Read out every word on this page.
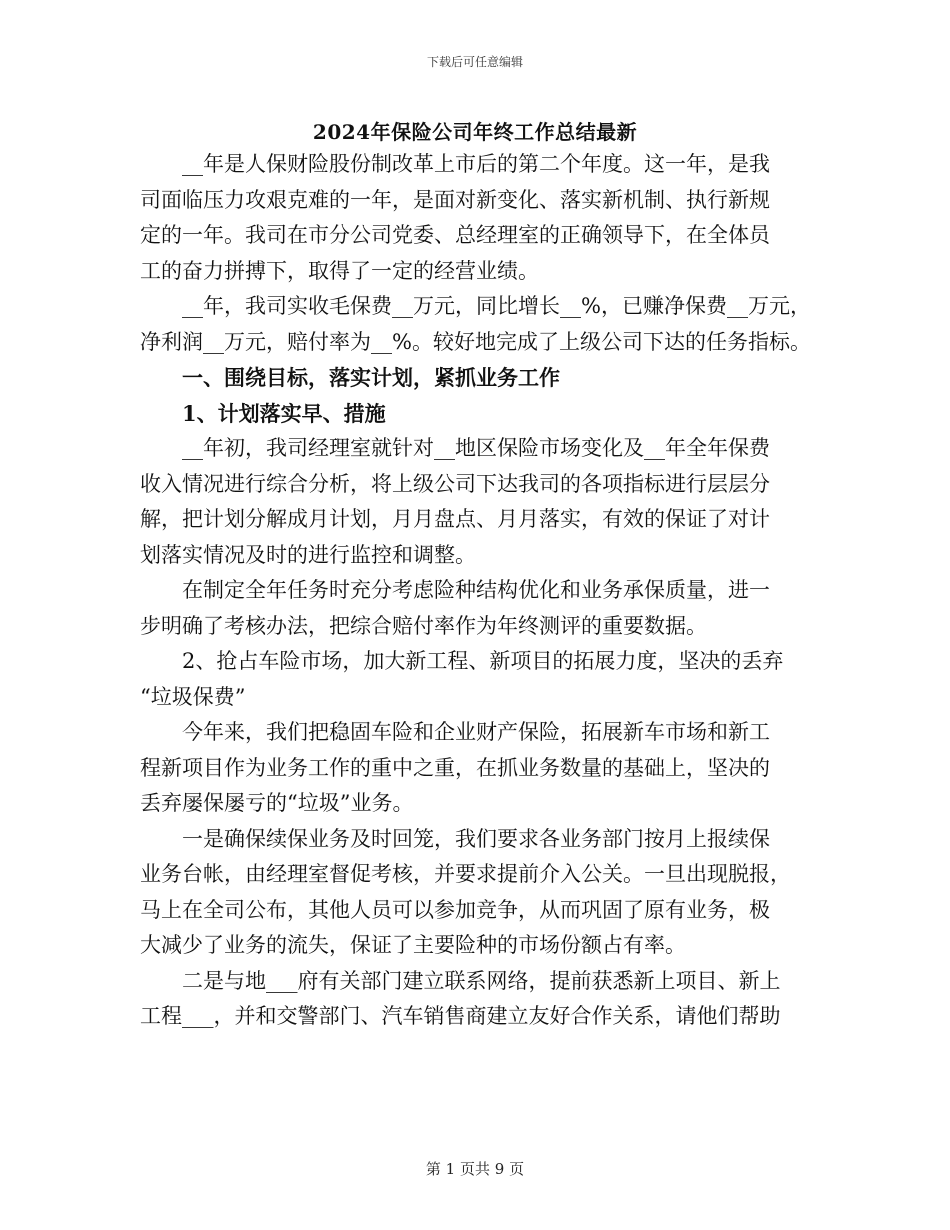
下载后可任意编辑
2024年保险公司年终工作总结最新
__年是人保财险股份制改革上市后的第二个年度。这一年，是我
司面临压力攻艰克难的一年，是面对新变化、落实新机制、执行新规
定的一年。我司在市分公司党委、总经理室的正确领导下，在全体员
工的奋力拼搏下，取得了一定的经营业绩。
__年，我司实收毛保费__万元，同比增长__%，已赚净保费__万元，
净利润__万元，赔付率为__%。较好地完成了上级公司下达的任务指标。
一、围绕目标，落实计划，紧抓业务工作
1、计划落实早、措施
__年初，我司经理室就针对__地区保险市场变化及__年全年保费
收入情况进行综合分析，将上级公司下达我司的各项指标进行层层分
解，把计划分解成月计划，月月盘点、月月落实，有效的保证了对计
划落实情况及时的进行监控和调整。
在制定全年任务时充分考虑险种结构优化和业务承保质量，进一
步明确了考核办法，把综合赔付率作为年终测评的重要数据。
2、抢占车险市场，加大新工程、新项目的拓展力度，坚决的丢弃
“垃圾保费”
今年来，我们把稳固车险和企业财产保险，拓展新车市场和新工
程新项目作为业务工作的重中之重，在抓业务数量的基础上，坚决的
丢弃屡保屡亏的“垃圾”业务。
一是确保续保业务及时回笼，我们要求各业务部门按月上报续保
业务台帐，由经理室督促考核，并要求提前介入公关。一旦出现脱报，
马上在全司公布，其他人员可以参加竞争，从而巩固了原有业务，极
大减少了业务的流失，保证了主要险种的市场份额占有率。
二是与地___府有关部门建立联系网络，提前获悉新上项目、新上
工程___，并和交警部门、汽车销售商建立友好合作关系，请他们帮助
第 1 页共 9 页
